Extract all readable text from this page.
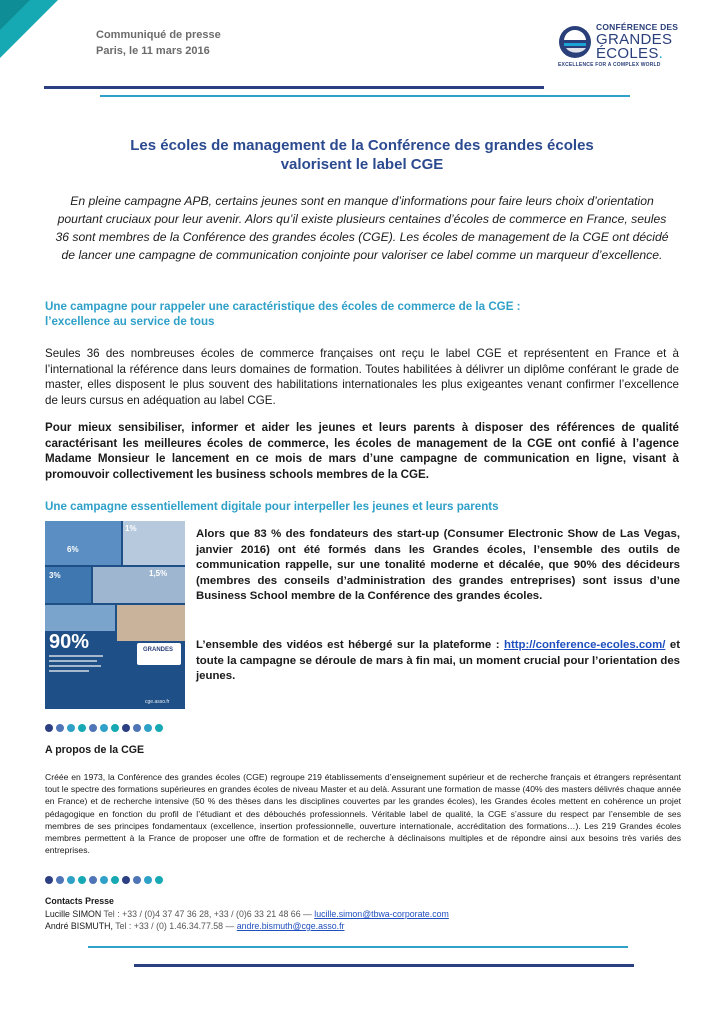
Communiqué de presse
Paris, le 11 mars 2016
CONFÉRENCE DES
GRANDES
ÉCOLES.
EXCELLENCE FOR A COMPLEX WORLD
Les écoles de management de la Conférence des grandes écoles
valorisent le label CGE
En pleine campagne APB, certains jeunes sont en manque d’informations pour faire leurs choix d’orientation pourtant cruciaux pour leur avenir. Alors qu’il existe plusieurs centaines d’écoles de commerce en France, seules 36 sont membres de la Conférence des grandes écoles (CGE). Les écoles de management de la CGE ont décidé de lancer une campagne de communication conjointe pour valoriser ce label comme un marqueur d’excellence.
Une campagne pour rappeler une caractéristique des écoles de commerce de la CGE :
l’excellence au service de tous
Seules 36 des nombreuses écoles de commerce françaises ont reçu le label CGE et représentent en France et à l’international la référence dans leurs domaines de formation. Toutes habilitées à délivrer un diplôme conférant le grade de master, elles disposent le plus souvent des habilitations internationales les plus exigeantes venant confirmer l’excellence de leurs cursus en adéquation au label CGE.
Pour mieux sensibiliser, informer et aider les jeunes et leurs parents à disposer des références de qualité caractérisant les meilleures écoles de commerce, les écoles de management de la CGE ont confié à l’agence Madame Monsieur le lancement en ce mois de mars d’une campagne de communication en ligne, visant à promouvoir collectivement les business schools membres de la CGE.
Une campagne essentiellement digitale pour interpeller les jeunes et leurs parents
1%
6%
3%	1,5%
90%	GRANDES
cge.asso.fr
Alors que 83 % des fondateurs des start-up (Consumer Electronic Show de Las Vegas, janvier 2016) ont été formés dans les Grandes écoles, l’ensemble des outils de communication rappelle, sur une tonalité moderne et décalée, que 90% des décideurs (membres des conseils d’administration des grandes entreprises) sont issus d’une Business School membre de la Conférence des grandes écoles.
L’ensemble des vidéos est hébergé sur la plateforme : http://conference-ecoles.com/ et toute la campagne se déroule de mars à fin mai, un moment crucial pour l’orientation des jeunes.
A propos de la CGE
Créée en 1973, la Conférence des grandes écoles (CGE) regroupe 219 établissements d’enseignement supérieur et de recherche français et étrangers représentant tout le spectre des formations supérieures en grandes écoles de niveau Master et au delà. Assurant une formation de masse (40% des masters délivrés chaque année en France) et de recherche intensive (50 % des thèses dans les disciplines couvertes par les grandes écoles), les Grandes écoles mettent en cohérence un projet pédagogique en fonction du profil de l’étudiant et des débouchés professionnels. Véritable label de qualité, la CGE s’assure du respect par l’ensemble de ses membres de ses principes fondamentaux (excellence, insertion professionnelle, ouverture internationale, accréditation des formations…). Les 219 Grandes écoles membres permettent à la France de proposer une offre de formation et de recherche à déclinaisons multiples et de répondre ainsi aux besoins très variés des entreprises.
Contacts Presse
Lucille SIMON Tel : +33 / (0)4 37 47 36 28, +33 / (0)6 33 21 48 66 — lucille.simon@tbwa-corporate.com
André BISMUTH, Tel : +33 / (0) 1.46.34.77.58 — andre.bismuth@cge.asso.fr
